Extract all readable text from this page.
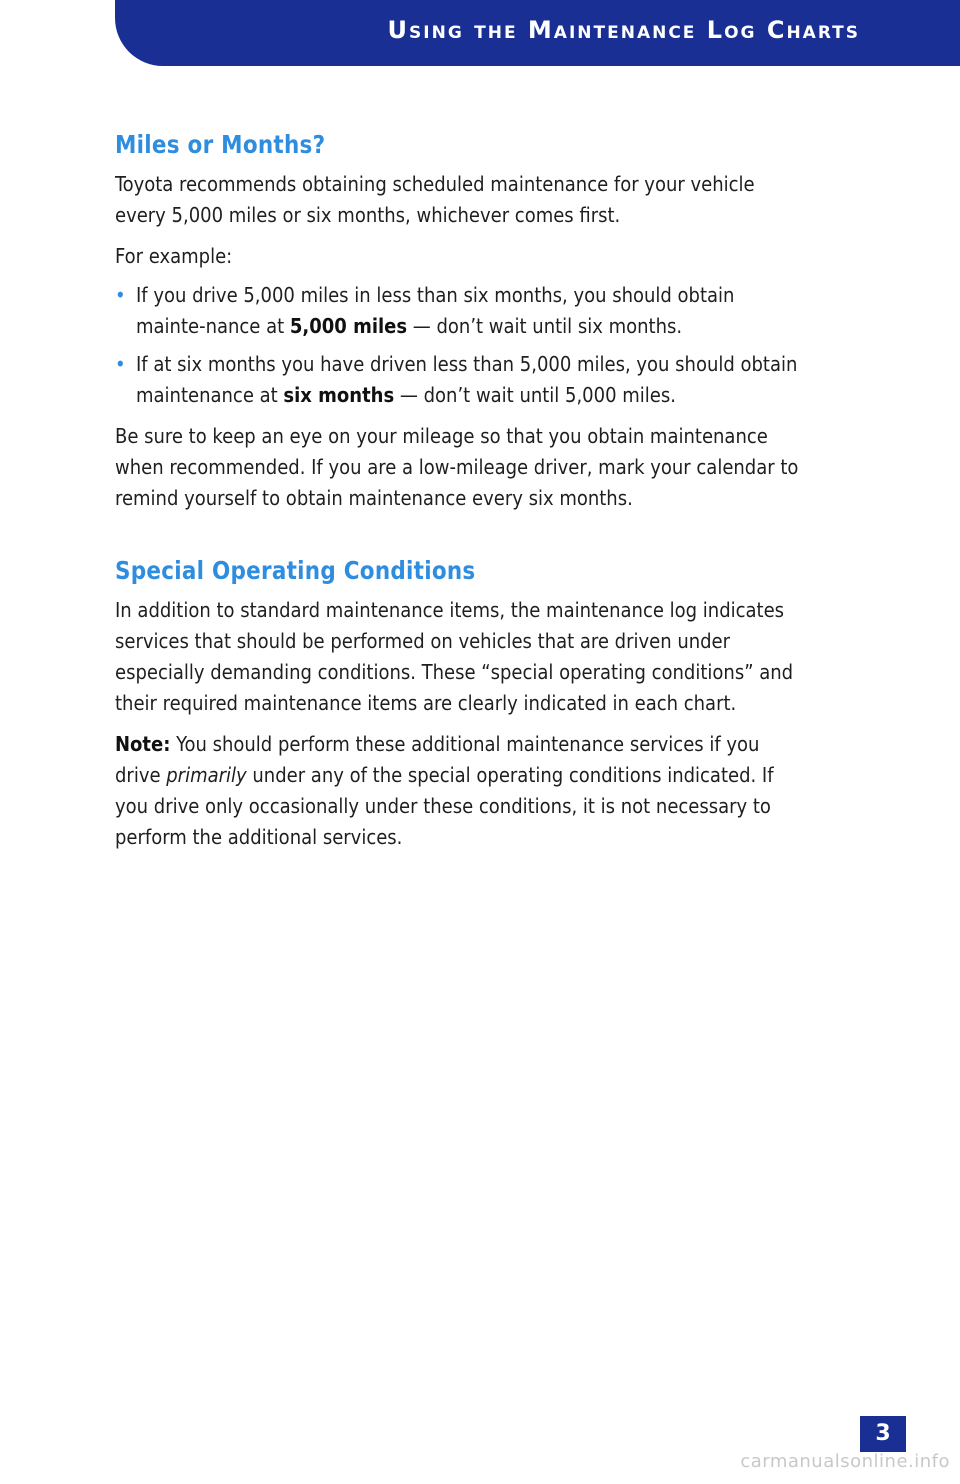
Using the Maintenance Log Charts
Miles or Months?

Toyota recommends obtaining scheduled maintenance for your vehicle every 5,000 miles or six months, whichever comes first.

For example:

• If you drive 5,000 miles in less than six months, you should obtain mainte-nance at 5,000 miles — don’t wait until six months.
• If at six months you have driven less than 5,000 miles, you should obtain maintenance at six months — don’t wait until 5,000 miles.

Be sure to keep an eye on your mileage so that you obtain maintenance when recommended. If you are a low-mileage driver, mark your calendar to remind yourself to obtain maintenance every six months.

Special Operating Conditions

In addition to standard maintenance items, the maintenance log indicates services that should be performed on vehicles that are driven under especially demanding conditions. These “special operating conditions” and their required maintenance items are clearly indicated in each chart.

Note: You should perform these additional maintenance services if you drive primarily under any of the special operating conditions indicated. If you drive only occasionally under these conditions, it is not necessary to perform the additional services.

3
carmanualsonline.info
